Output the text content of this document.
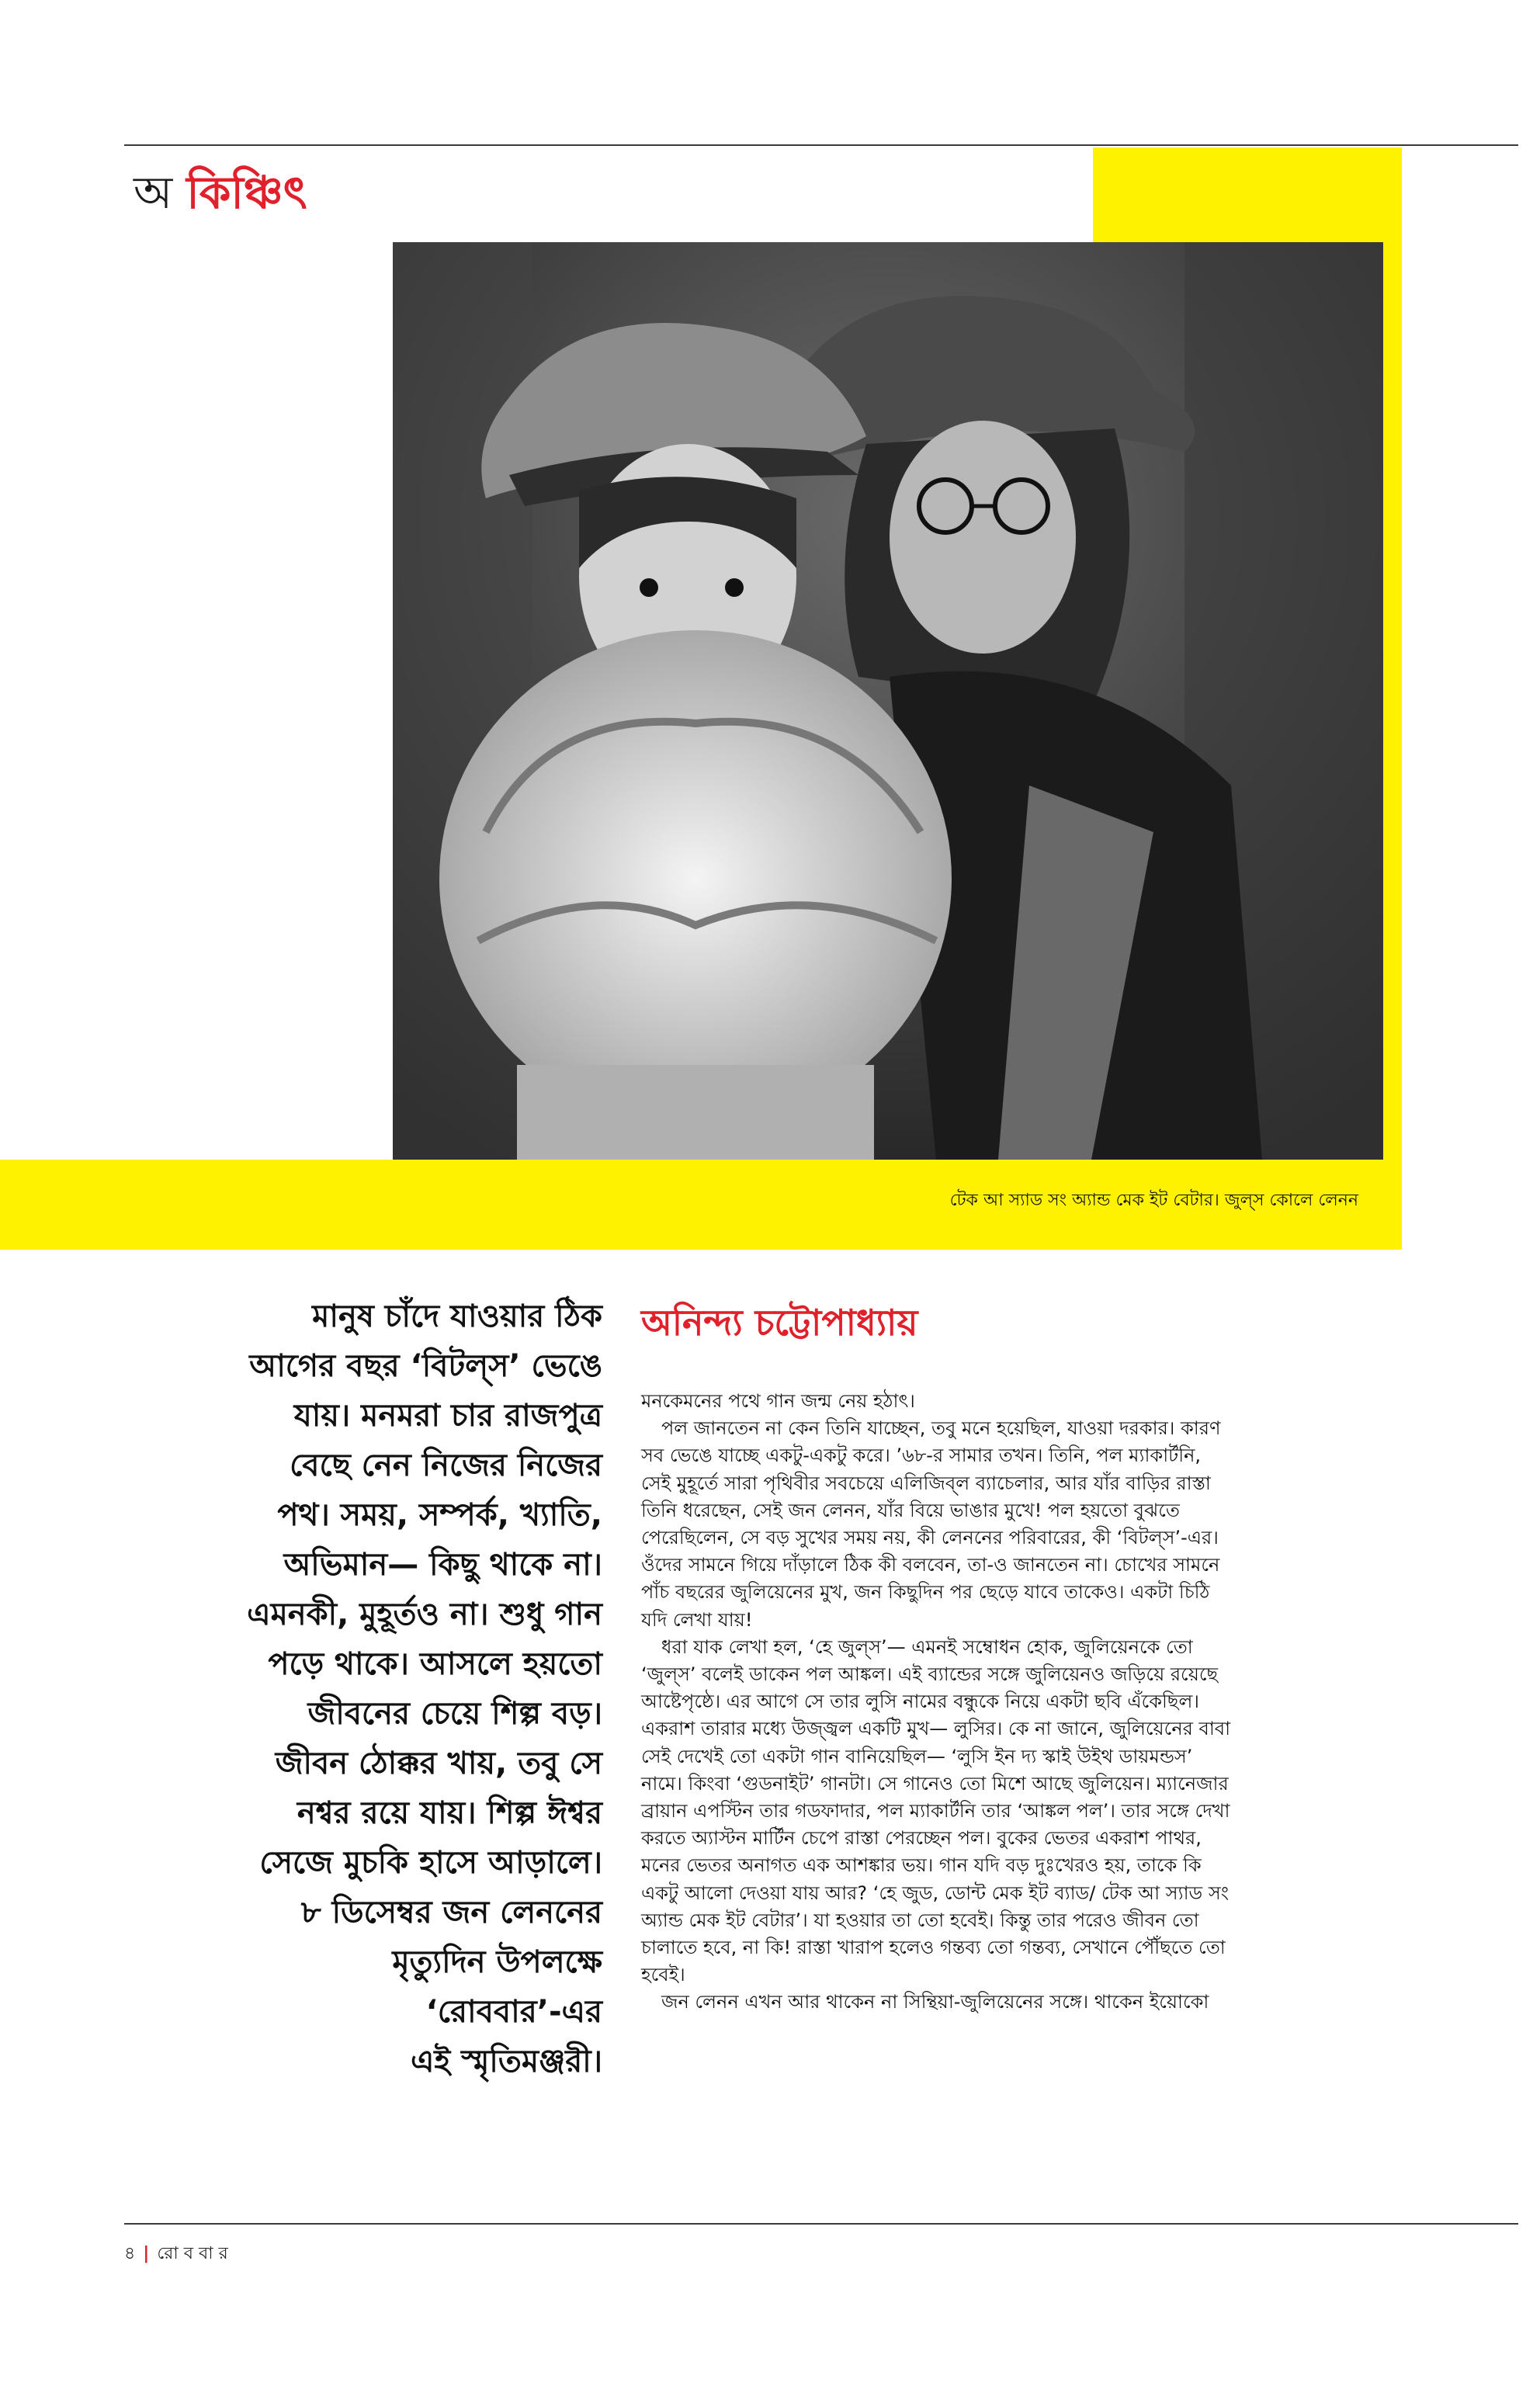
অ কিঞ্চিৎ
টেক আ স্যাড সং অ্যান্ড মেক ইট বেটার। জুল্স কোলে লেনন
মানুষ চাঁদে যাওয়ার ঠিক
আগের বছর ‘বিটল্স’ ভেঙে
যায়। মনমরা চার রাজপুত্র
বেছে নেন নিজের নিজের
পথ। সময়, সম্পর্ক, খ্যাতি,
অভিমান— কিছু থাকে না।
এমনকী, মুহূর্তও না। শুধু গান
পড়ে থাকে। আসলে হয়তো
জীবনের চেয়ে শিল্প বড়।
জীবন ঠোক্কর খায়, তবু সে
নশ্বর রয়ে যায়। শিল্প ঈশ্বর
সেজে মুচকি হাসে আড়ালে।
৮ ডিসেম্বর জন লেননের
মৃত্যুদিন উপলক্ষে
‘রোববার’-এর
এই স্মৃতিমঞ্জরী।
অনিন্দ্য চট্টোপাধ্যায়
মনকেমনের পথে গান জন্ম নেয় হঠাৎ।
পল জানতেন না কেন তিনি যাচ্ছেন, তবু মনে হয়েছিল, যাওয়া দরকার। কারণ
সব ভেঙে যাচ্ছে একটু-একটু করে। ’৬৮-র সামার তখন। তিনি, পল ম্যাকার্টনি,
সেই মুহূর্তে সারা পৃথিবীর সবচেয়ে এলিজিব্‌ল ব্যাচেলার, আর যাঁর বাড়ির রাস্তা
তিনি ধরেছেন, সেই জন লেনন, যাঁর বিয়ে ভাঙার মুখে! পল হয়তো বুঝতে
পেরেছিলেন, সে বড় সুখের সময় নয়, কী লেননের পরিবারের, কী ‘বিটল্স’-এর।
ওঁদের সামনে গিয়ে দাঁড়ালে ঠিক কী বলবেন, তা-ও জানতেন না। চোখের সামনে
পাঁচ বছরের জুলিয়েনের মুখ, জন কিছুদিন পর ছেড়ে যাবে তাকেও। একটা চিঠি
যদি লেখা যায়!
ধরা যাক লেখা হল, ‘হে জুল্স’— এমনই সম্বোধন হোক, জুলিয়েনকে তো
‘জুল্স’ বলেই ডাকেন পল আঙ্কল। এই ব্যান্ডের সঙ্গে জুলিয়েনও জড়িয়ে রয়েছে
আষ্টেপৃষ্ঠে। এর আগে সে তার লুসি নামের বন্ধুকে নিয়ে একটা ছবি এঁকেছিল।
একরাশ তারার মধ্যে উজ্জ্বল একটি মুখ— লুসির। কে না জানে, জুলিয়েনের বাবা
সেই দেখেই তো একটা গান বানিয়েছিল— ‘লুসি ইন দ্য স্কাই উইথ ডায়মন্ডস’
নামে। কিংবা ‘গুডনাইট’ গানটা। সে গানেও তো মিশে আছে জুলিয়েন। ম্যানেজার
ব্রায়ান এপস্টিন তার গডফাদার, পল ম্যাকার্টনি তার ‘আঙ্কল পল’। তার সঙ্গে দেখা
করতে অ্যাস্টন মার্টিন চেপে রাস্তা পেরচ্ছেন পল। বুকের ভেতর একরাশ পাথর,
মনের ভেতর অনাগত এক আশঙ্কার ভয়। গান যদি বড় দুঃখেরও হয়, তাকে কি
একটু আলো দেওয়া যায় আর? ‘হে জুড, ডোন্ট মেক ইট ব্যাড/ টেক আ স্যাড সং
অ্যান্ড মেক ইট বেটার’। যা হওয়ার তা তো হবেই। কিন্তু তার পরেও জীবন তো
চালাতে হবে, না কি! রাস্তা খারাপ হলেও গন্তব্য তো গন্তব্য, সেখানে পৌঁছতে তো
হবেই।
জন লেনন এখন আর থাকেন না সিন্থিয়া-জুলিয়েনের সঙ্গে। থাকেন ইয়োকো
৪ | রো ব বা র
